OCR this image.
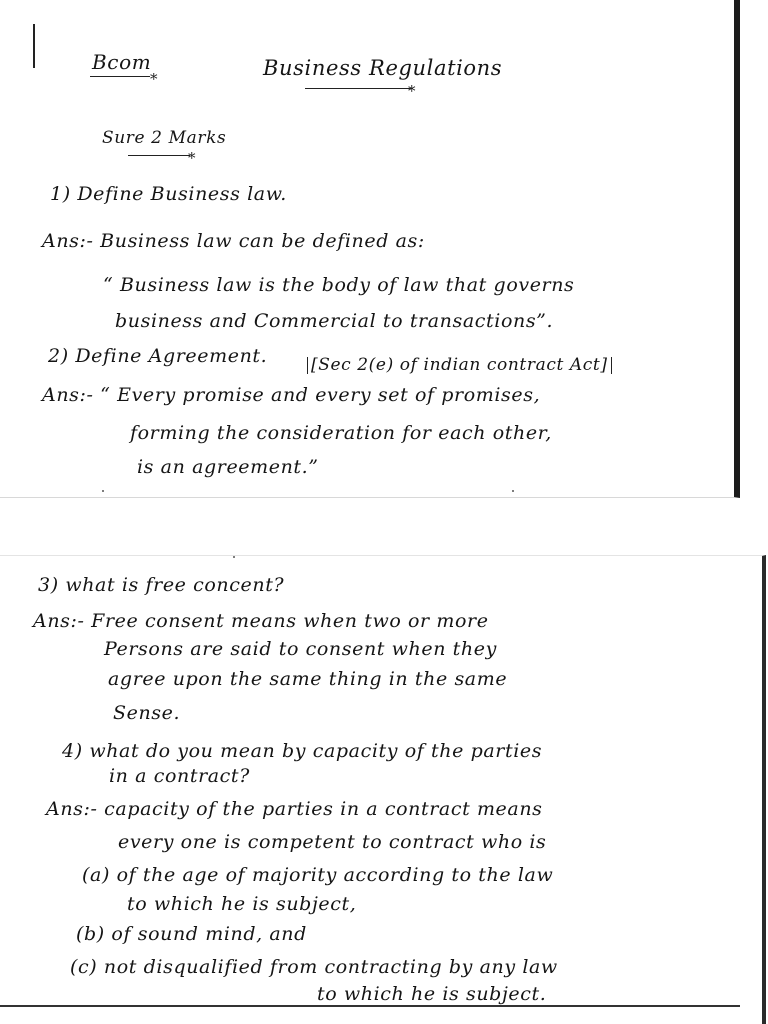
Bcom
*	Business Regulations
*
Sure 2 Marks
*
1) Define Business law.
Ans:- Business law can be defined as:
“ Business law is the body of law that governs
business and Commercial to transactions”.
2) Define Agreement.	[Sec 2(e) of indian contract Act]
Ans:- “ Every promise and every set of promises,
forming the consideration for each other,
is an agreement.”
3) what is free concent?
Ans:- Free consent means when two or more
Persons are said to consent when they
agree upon the same thing in the same
Sense.
4) what do you mean by capacity of the parties
in a contract?
Ans:- capacity of the parties in a contract means
every one is competent to contract who is
(a) of the age of majority according to the law
to which he is subject,
(b) of sound mind, and
(c) not disqualified from contracting by any law
to which he is subject.
